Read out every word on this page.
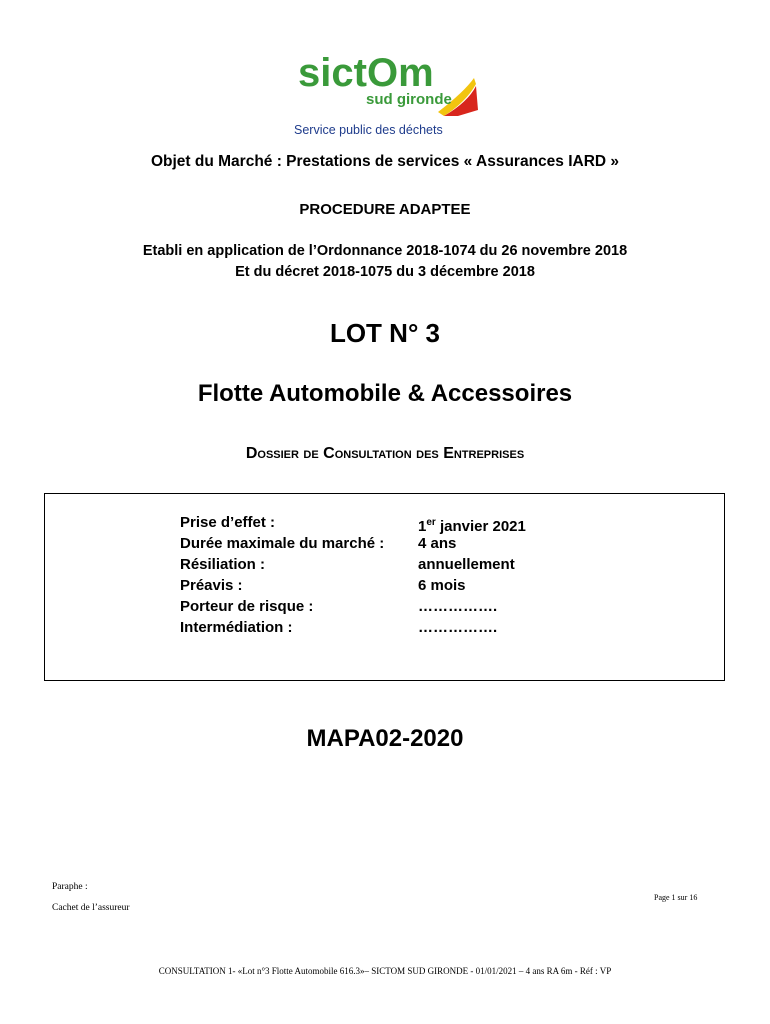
sictOm
sud gironde
Service public des déchets
Objet du Marché : Prestations de services « Assurances IARD »
PROCEDURE ADAPTEE
Etabli en application de l’Ordonnance 2018-1074 du 26 novembre 2018
Et du décret 2018-1075 du 3 décembre 2018
LOT N° 3
Flotte Automobile & Accessoires
Dossier de Consultation des Entreprises
Prise d’effet :	1er janvier 2021
Durée maximale du marché :	4 ans
Résiliation :	annuellement
Préavis :	6 mois
Porteur de risque :	…………….
Intermédiation :	…………….
MAPA02-2020
Paraphe :
Cachet de l’assureur
Page 1 sur 16
CONSULTATION 1- «Lot n°3 Flotte Automobile 616.3»– SICTOM SUD GIRONDE - 01/01/2021 – 4 ans RA 6m - Réf : VP
